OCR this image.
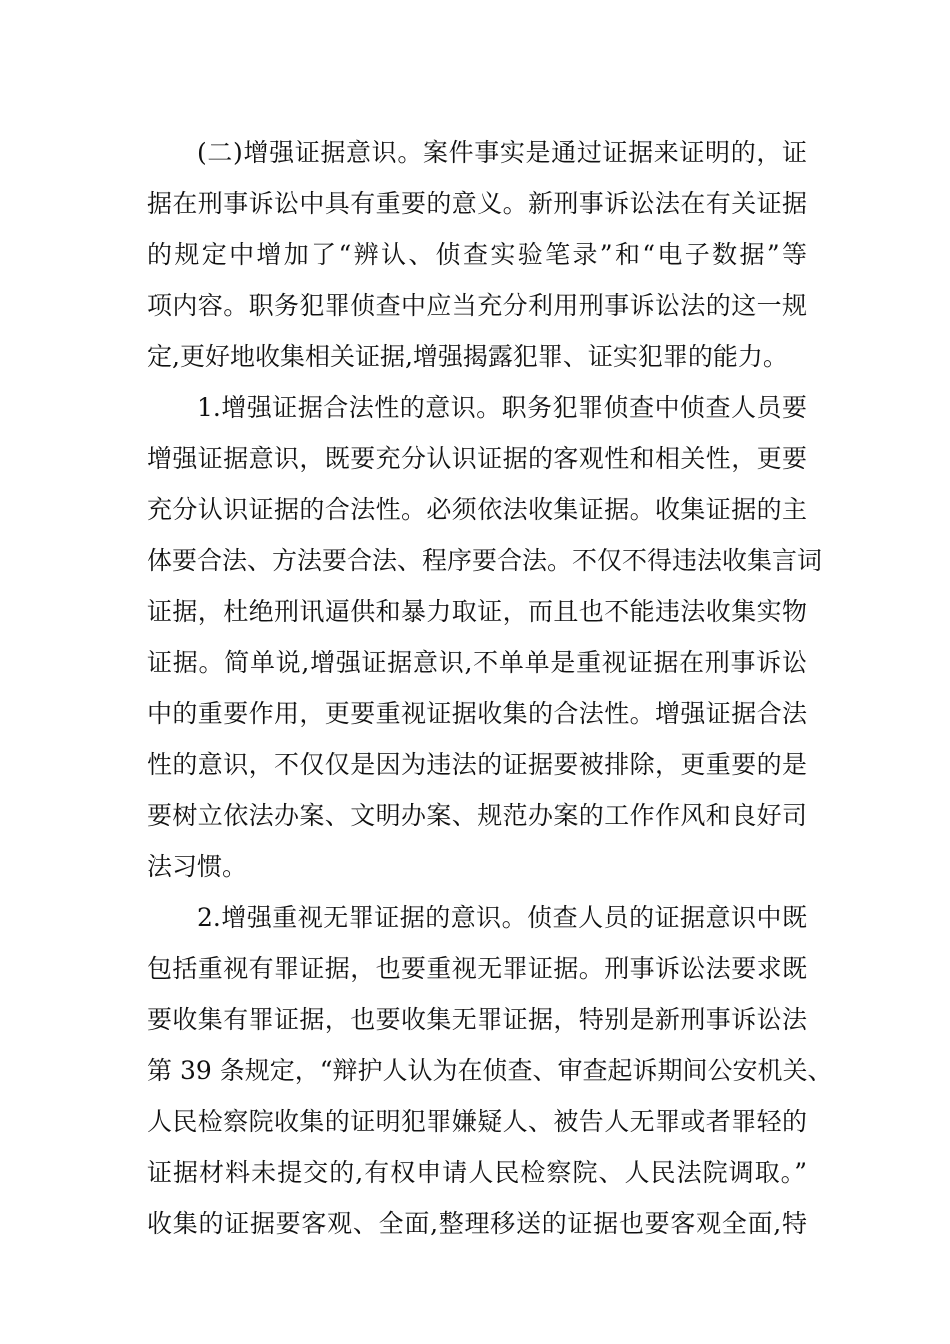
(二)增强证据意识。案件事实是通过证据来证明的，证
据在刑事诉讼中具有重要的意义。新刑事诉讼法在有关证据
的规定中增加了“辨认、侦查实验笔录”和“电子数据”等
项内容。职务犯罪侦查中应当充分利用刑事诉讼法的这一规
定,更好地收集相关证据,增强揭露犯罪、证实犯罪的能力。
1.增强证据合法性的意识。职务犯罪侦查中侦查人员要
增强证据意识，既要充分认识证据的客观性和相关性，更要
充分认识证据的合法性。必须依法收集证据。收集证据的主
体要合法、方法要合法、程序要合法。不仅不得违法收集言词
证据，杜绝刑讯逼供和暴力取证，而且也不能违法收集实物
证据。简单说,增强证据意识,不单单是重视证据在刑事诉讼
中的重要作用，更要重视证据收集的合法性。增强证据合法
性的意识，不仅仅是因为违法的证据要被排除，更重要的是
要树立依法办案、文明办案、规范办案的工作作风和良好司
法习惯。
2.增强重视无罪证据的意识。侦查人员的证据意识中既
包括重视有罪证据，也要重视无罪证据。刑事诉讼法要求既
要收集有罪证据，也要收集无罪证据，特别是新刑事诉讼法
第 39 条规定，“辩护人认为在侦查、审查起诉期间公安机关、
人民检察院收集的证明犯罪嫌疑人、被告人无罪或者罪轻的
证据材料未提交的,有权申请人民检察院、人民法院调取。”
收集的证据要客观、全面,整理移送的证据也要客观全面,特
